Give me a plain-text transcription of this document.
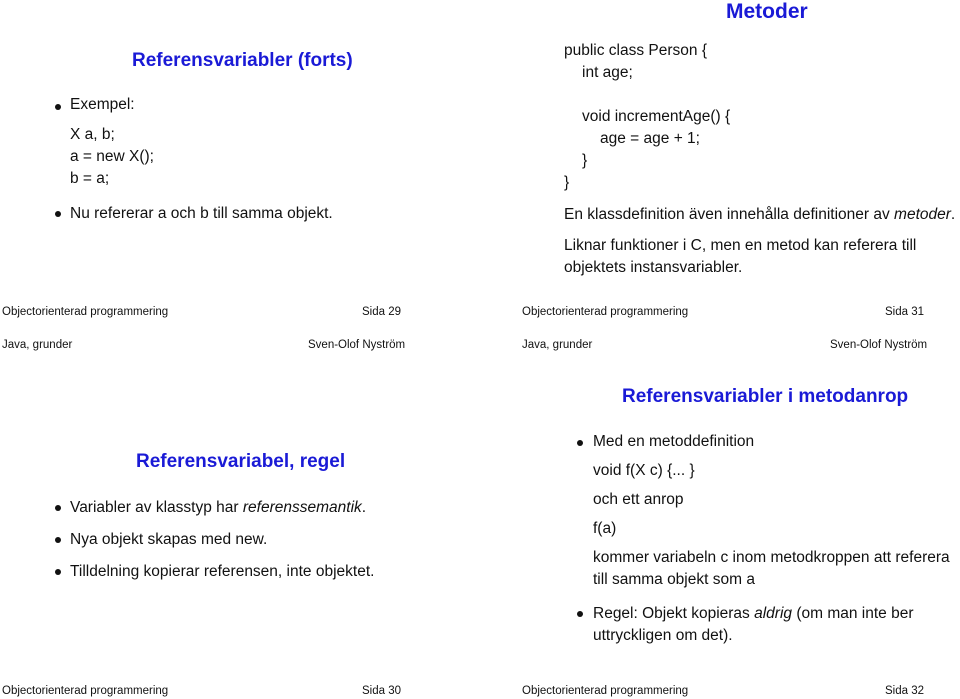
Referensvariabler (forts)
Exempel:
X a, b;
a = new X();
b = a;
Nu refererar a och b till samma objekt.
Objectorienterad programmering	Sida 29
Metoder
public class Person {
int age;
void incrementAge() {
age = age + 1;
}
}
En klassdefinition även innehålla definitioner av metoder.
Liknar funktioner i C, men en metod kan referera till
objektets instansvariabler.
Objectorienterad programmering	Sida 31
Java, grunder	Sven-Olof Nyström	Java, grunder	Sven-Olof Nyström
Referensvariabel, regel
Variabler av klasstyp har referenssemantik.
Nya objekt skapas med new.
Tilldelning kopierar referensen, inte objektet.
Objectorienterad programmering	Sida 30
Referensvariabler i metodanrop
Med en metoddefinition
void f(X c) {... }
och ett anrop
f(a)
kommer variabeln c inom metodkroppen att referera
till samma objekt som a
Regel: Objekt kopieras aldrig (om man inte ber
uttryckligen om det).
Objectorienterad programmering	Sida 32
